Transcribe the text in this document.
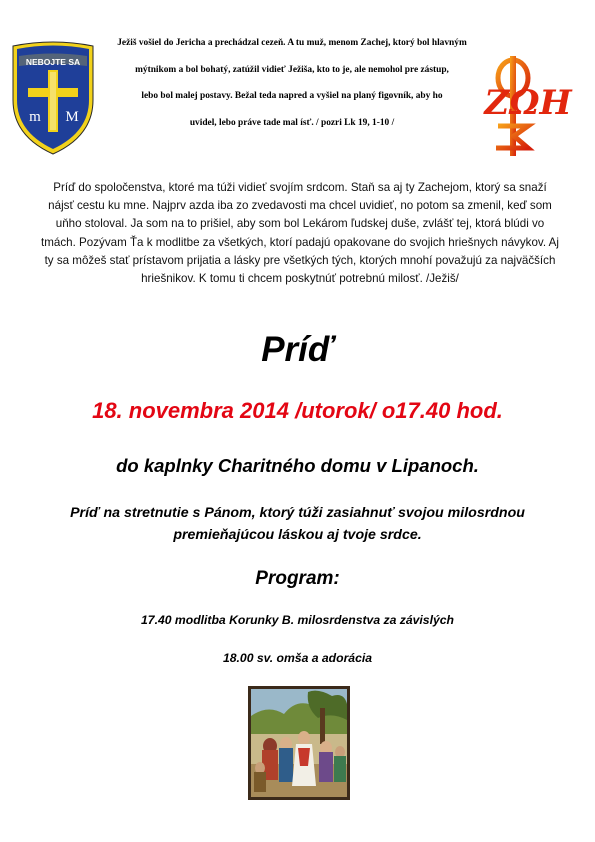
NEBOJTE SA
m M
Ježiš vošiel do Jericha a prechádzal cezeň. A tu muž, menom Zachej, ktorý bol hlavným
mýtnikom a bol bohatý, zatúžil vidieť Ježiša, kto to je, ale nemohol pre zástup,
lebo bol malej postavy. Bežal teda napred a vyšiel na planý figovník, aby ho
uvidel, lebo práve tade mal ísť. / pozri Lk 19, 1-10 /	ΖΩΗ
Príď do spoločenstva, ktoré ma túži vidieť svojím srdcom. Staň sa aj ty Zachejom, ktorý sa snaží nájsť cestu ku mne. Najprv azda iba zo zvedavosti ma chcel uvidieť, no potom sa zmenil, keď som uňho stoloval. Ja som na to prišiel, aby som bol Lekárom ľudskej duše, zvlášť tej, ktorá blúdi vo tmách. Pozývam Ťa k modlitbe za všetkých, ktorí padajú opakovane do svojich hriešnych návykov. Aj ty sa môžeš stať prístavom prijatia a lásky pre všetkých tých, ktorých mnohí považujú za najväčších hriešnikov. K tomu ti chcem poskytnúť potrebnú milosť. /Ježiš/
Príď
18. novembra 2014 /utorok/ o17.40 hod.
do kaplnky Charitného domu v Lipanoch.
Príď na stretnutie s Pánom, ktorý túži zasiahnuť svojou milosrdnou premieňajúcou láskou aj tvoje srdce.
Program:
17.40 modlitba Korunky B. milosrdenstva za závislých
18.00 sv. omša a adorácia
